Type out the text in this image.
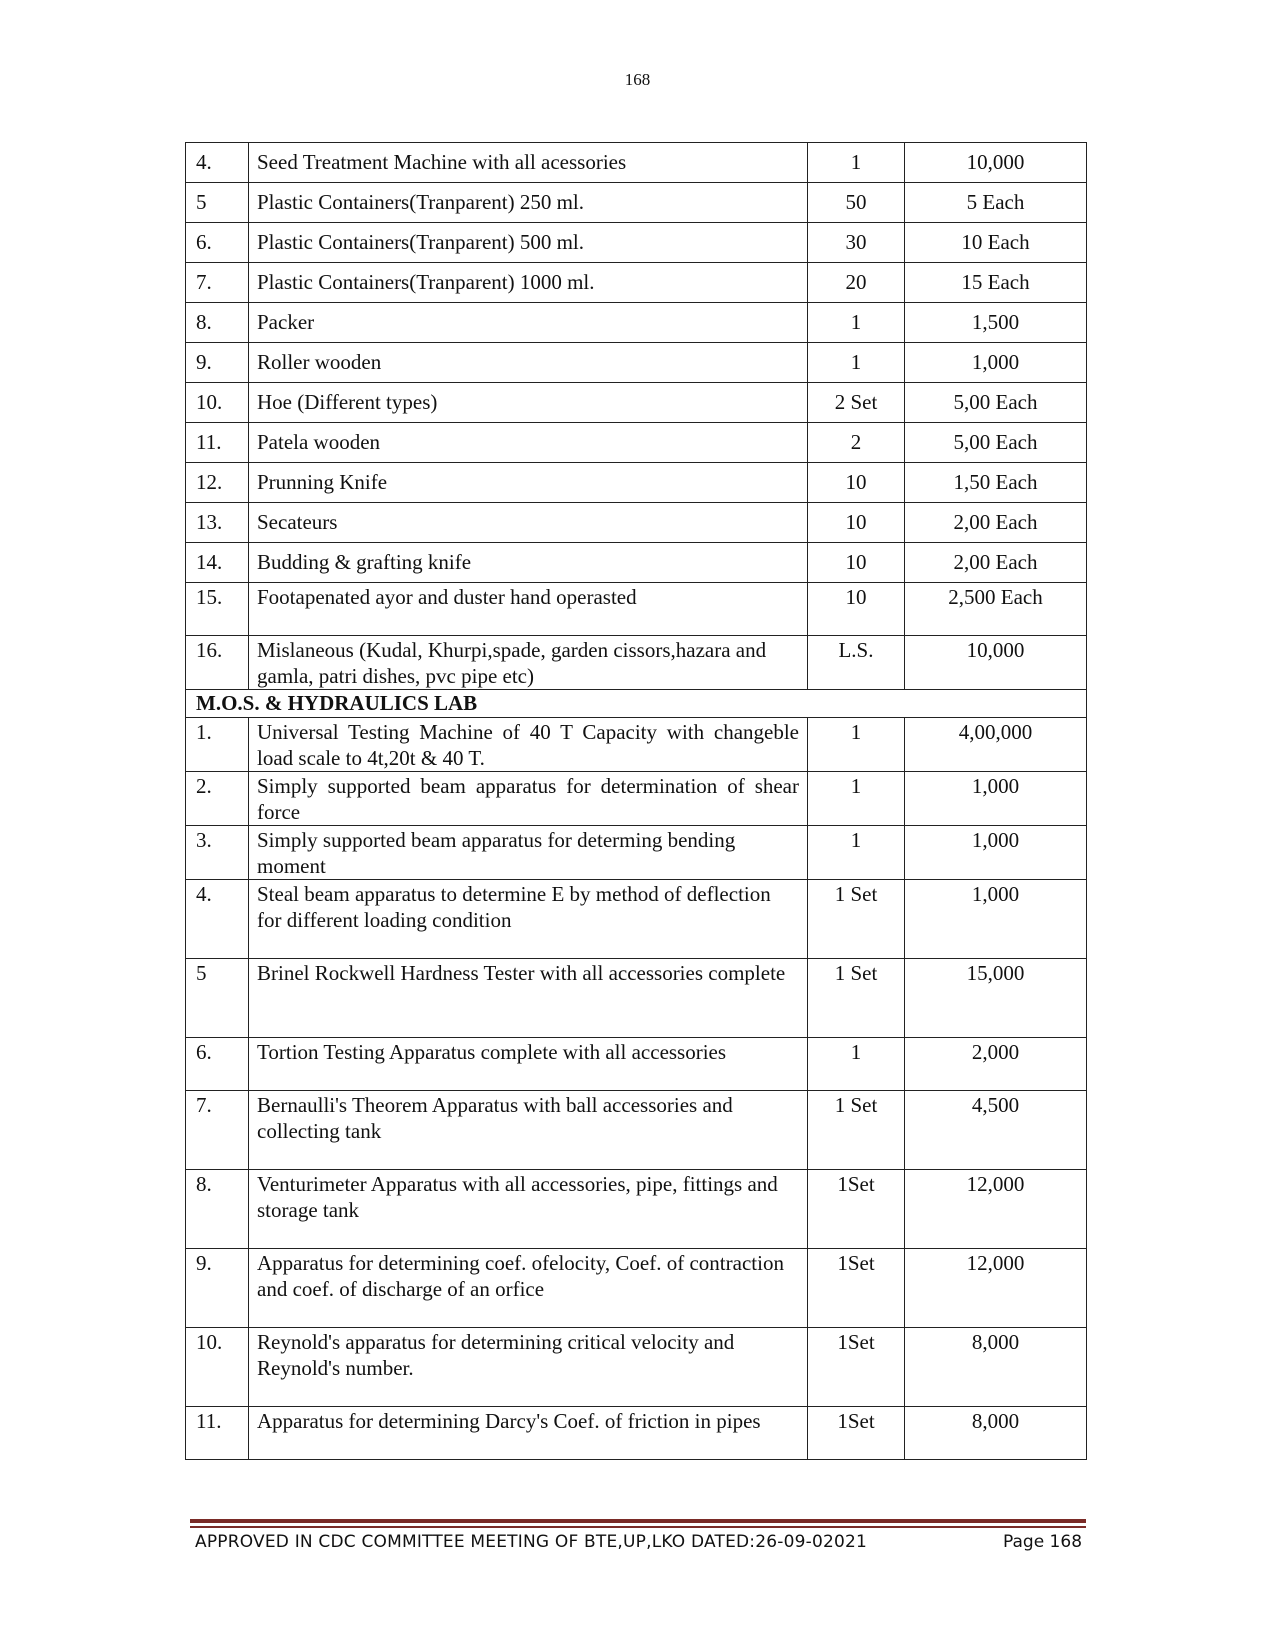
168
4.	Seed Treatment Machine with all acessories	1	10,000
5	Plastic Containers(Tranparent) 250 ml.	50	5 Each
6.	Plastic Containers(Tranparent) 500 ml.	30	10 Each
7.	Plastic Containers(Tranparent) 1000 ml.	20	15 Each
8.	Packer	1	1,500
9.	Roller wooden	1	1,000
10.	Hoe (Different types)	2 Set	5,00 Each
11.	Patela wooden	2	5,00 Each
12.	Prunning Knife	10	1,50 Each
13.	Secateurs	10	2,00 Each
14.	Budding & grafting knife	10	2,00 Each
15.	Footapenated ayor and duster hand operasted	10	2,500 Each
16.	Mislaneous (Kudal, Khurpi,spade, garden cissors,hazara and gamla, patri dishes, pvc pipe etc)	L.S.	10,000
M.O.S. & HYDRAULICS LAB			
1.	Universal Testing Machine of 40 T Capacity with changeble load scale to 4t,20t & 40 T.	1	4,00,000
2.	Simply supported beam apparatus for determination of shear force	1	1,000
3.	Simply supported beam apparatus for determing bending moment	1	1,000
4.	Steal beam apparatus to determine E by method of deflection for different loading condition	1 Set	1,000
5	Brinel Rockwell Hardness Tester with all accessories complete	1 Set	15,000
6.	Tortion Testing Apparatus complete with all accessories	1	2,000
7.	Bernaulli's Theorem Apparatus with ball accessories and collecting tank	1 Set	4,500
8.	Venturimeter Apparatus with all accessories, pipe, fittings and storage tank	1Set	12,000
9.	Apparatus for determining coef. ofelocity, Coef. of contraction and coef. of discharge of an orfice	1Set	12,000
10.	Reynold's apparatus for determining critical velocity and Reynold's number.	1Set	8,000
11.	Apparatus for determining Darcy's Coef. of friction in pipes	1Set	8,000
APPROVED IN CDC COMMITTEE MEETING OF BTE,UP,LKO DATED:26-09-02021	Page 168
